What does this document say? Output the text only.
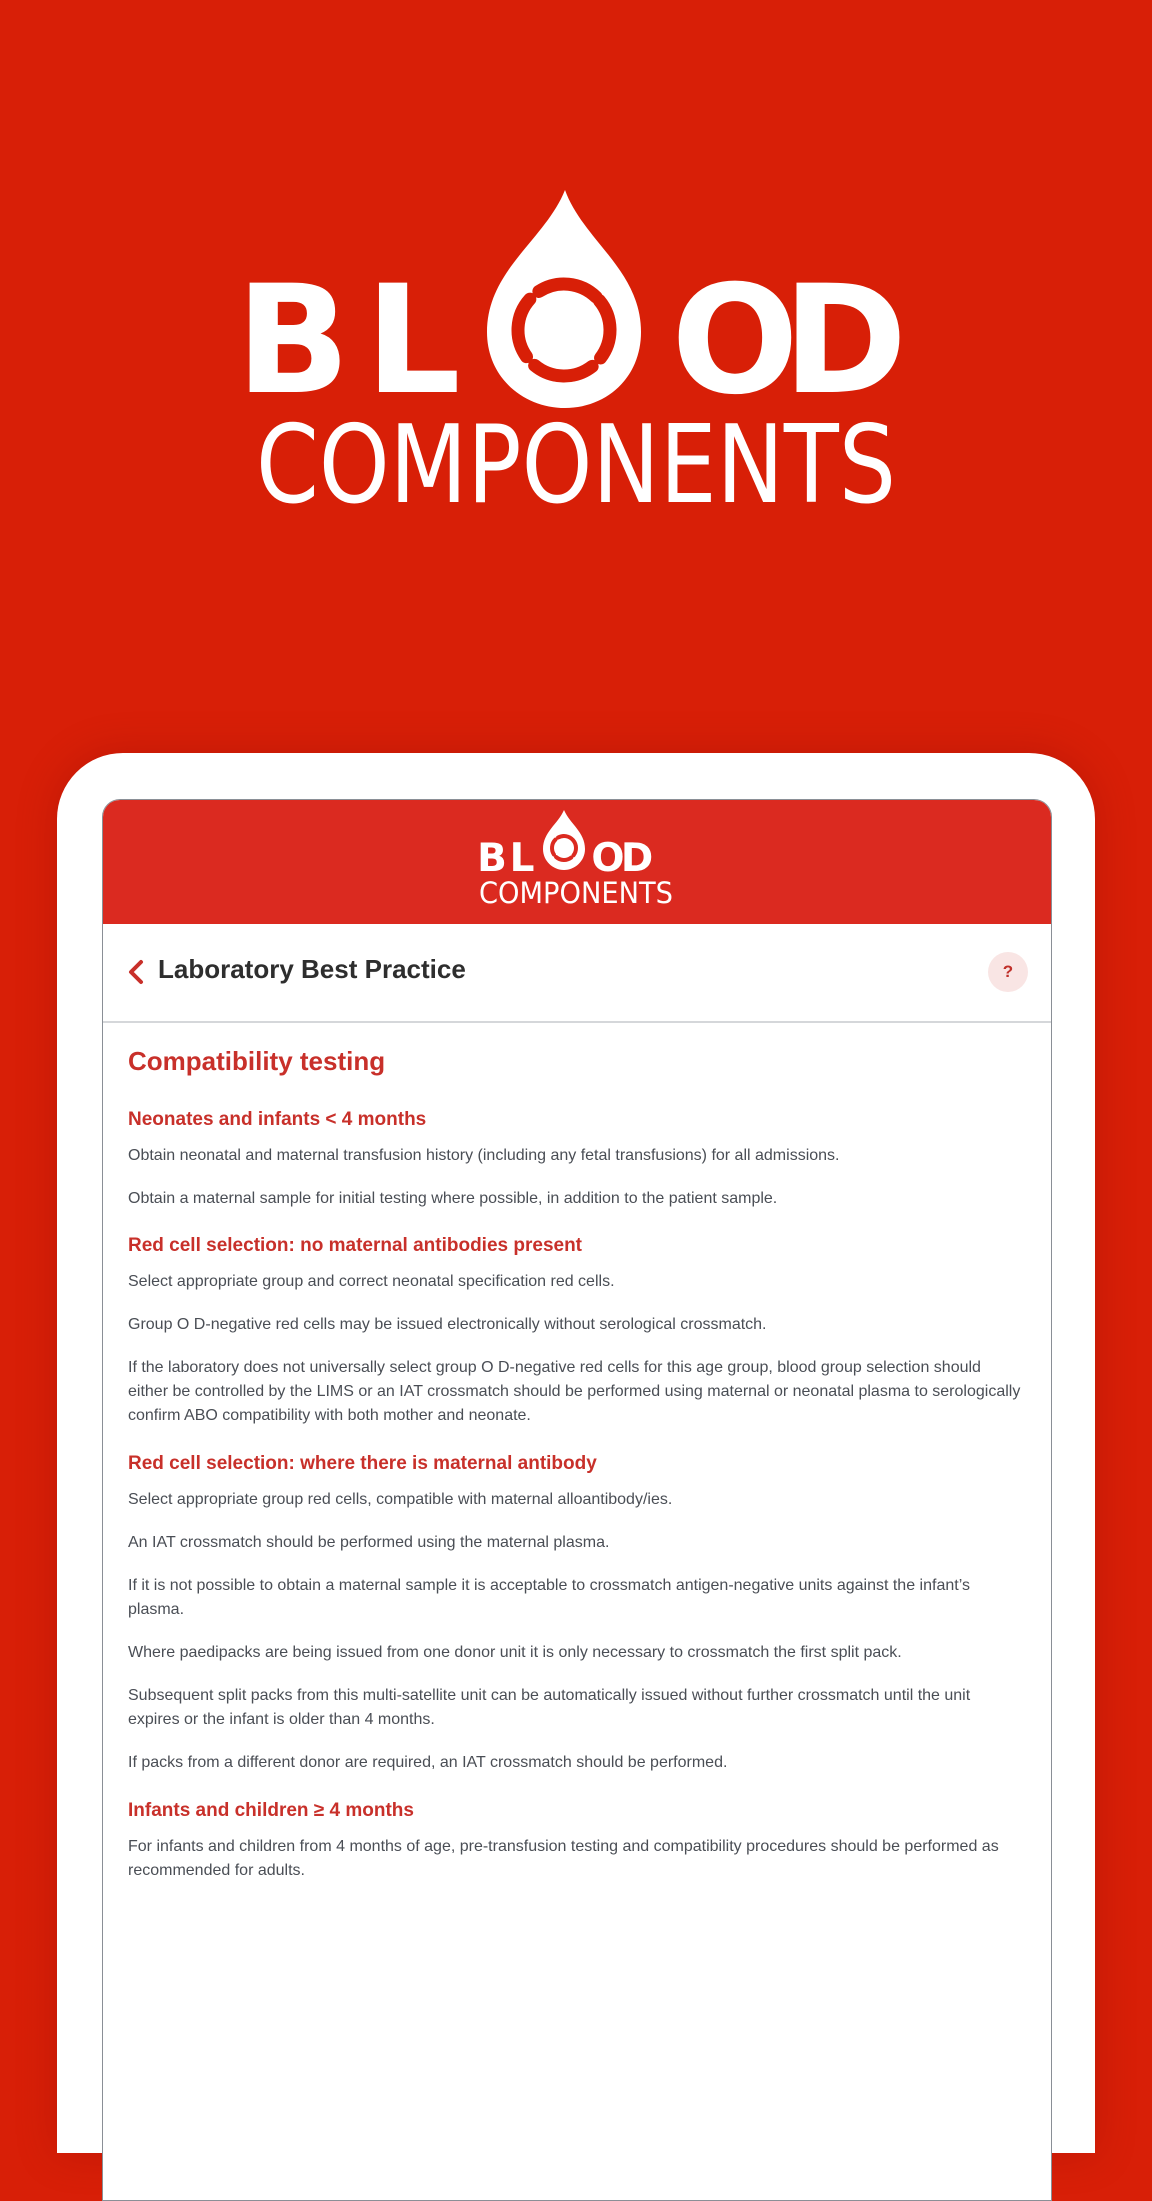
B L O
D
COMPONENTS
B L O
D
COMPONENTS
Laboratory Best Practice	?
Compatibility testing
Neonates and infants < 4 months

Obtain neonatal and maternal transfusion history (including any fetal transfusions) for all admissions.

Obtain a maternal sample for initial testing where possible, in addition to the patient sample.

Red cell selection: no maternal antibodies present

Select appropriate group and correct neonatal specification red cells.

Group O D-negative red cells may be issued electronically without serological crossmatch.

If the laboratory does not universally select group O D-negative red cells for this age group, blood group selection should either be controlled by the LIMS or an IAT crossmatch should be performed using maternal or neonatal plasma to serologically confirm ABO compatibility with both mother and neonate.

Red cell selection: where there is maternal antibody

Select appropriate group red cells, compatible with maternal alloantibody/ies.

An IAT crossmatch should be performed using the maternal plasma.

If it is not possible to obtain a maternal sample it is acceptable to crossmatch antigen-negative units against the infant’s plasma.

Where paedipacks are being issued from one donor unit it is only necessary to crossmatch the first split pack.

Subsequent split packs from this multi-satellite unit can be automatically issued without further crossmatch until the unit expires or the infant is older than 4 months.

If packs from a different donor are required, an IAT crossmatch should be performed.

Infants and children ≥ 4 months

For infants and children from 4 months of age, pre-transfusion testing and compatibility procedures should be performed as recommended for adults.
